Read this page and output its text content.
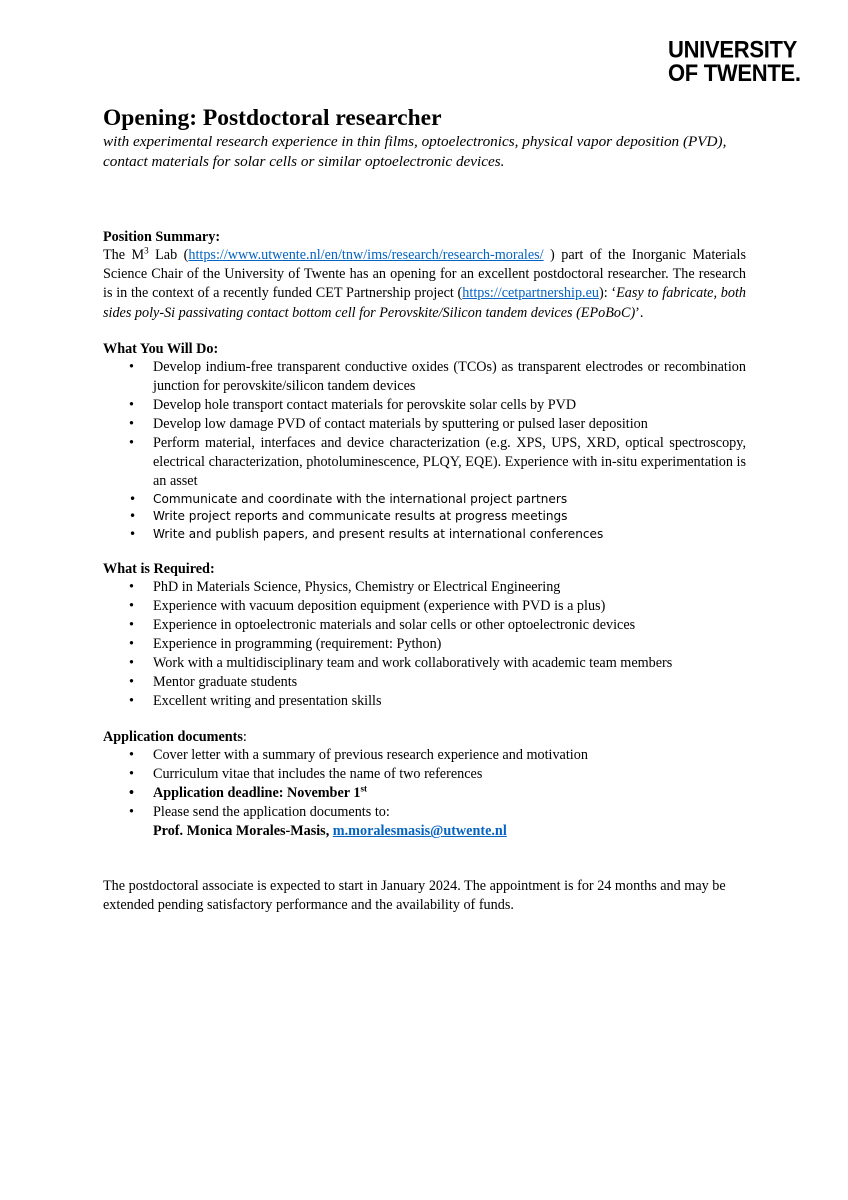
UNIVERSITY
OF TWENTE.
Opening: Postdoctoral researcher

with experimental research experience in thin films, optoelectronics, physical vapor deposition (PVD), contact materials for solar cells or similar optoelectronic devices.

Position Summary:

The $M^3$ Lab (https://www.utwente.nl/en/tnw/ims/research/research-morales/ ) part of the Inorganic Materials Science Chair of the University of Twente has an opening for an excellent postdoctoral researcher. The research is in the context of a recently funded CET Partnership project (https://cetpartnership.eu): ‘Easy to fabricate, both sides poly-Si passivating contact bottom cell for Perovskite/Silicon tandem devices (EPoBoC)’.

What You Will Do:

• Develop indium-free transparent conductive oxides (TCOs) as transparent electrodes or recombination junction for perovskite/silicon tandem devices
• Develop hole transport contact materials for perovskite solar cells by PVD
• Develop low damage PVD of contact materials by sputtering or pulsed laser deposition
• Perform material, interfaces and device characterization (e.g. XPS, UPS, XRD, optical spectroscopy, electrical characterization, photoluminescence, PLQY, EQE). Experience with in-situ experimentation is an asset
• Communicate and coordinate with the international project partners
• Write project reports and communicate results at progress meetings
• Write and publish papers, and present results at international conferences

What is Required:

• PhD in Materials Science, Physics, Chemistry or Electrical Engineering
• Experience with vacuum deposition equipment (experience with PVD is a plus)
• Experience in optoelectronic materials and solar cells or other optoelectronic devices
• Experience in programming (requirement: Python)
• Work with a multidisciplinary team and work collaboratively with academic team members
• Mentor graduate students
• Excellent writing and presentation skills

Application documents:

• Cover letter with a summary of previous research experience and motivation
• Curriculum vitae that includes the name of two references
• Application deadline: November 1st
• Please send the application documents to:
Prof. Monica Morales-Masis, m.moralesmasis@utwente.nl

The postdoctoral associate is expected to start in January 2024. The appointment is for 24 months and may be extended pending satisfactory performance and the availability of funds.
